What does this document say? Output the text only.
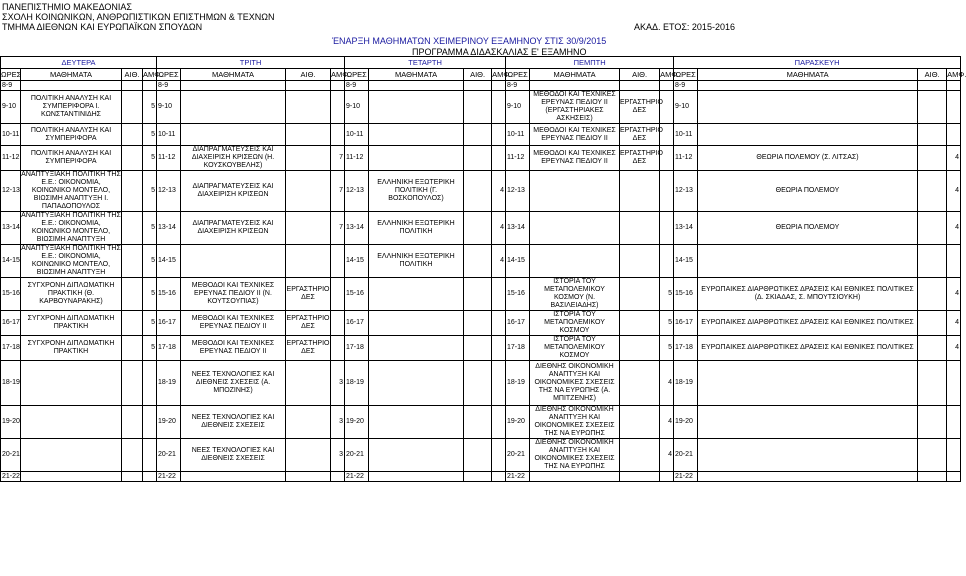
ΠΑΝΕΠΙΣΤΗΜΙΟ ΜΑΚΕΔΟΝΙΑΣ
ΣΧΟΛΗ ΚΟΙΝΩΝΙΚΩΝ, ΑΝΘΡΩΠΙΣΤΙΚΩΝ ΕΠΙΣΤΗΜΩΝ & ΤΕΧΝΩΝ
ΤΜΗΜΑ ΔΙΕΘΝΩΝ ΚΑΙ ΕΥΡΩΠΑΪΚΩΝ ΣΠΟΥΔΩΝ	ΑΚΑΔ. ΕΤΟΣ: 2015-2016
ΈΝΑΡΞΗ ΜΑΘΗΜΑΤΩΝ ΧΕΙΜΕΡΙΝΟΥ ΕΞΑΜΗΝΟΥ ΣΤΙΣ 30/9/2015
ΠΡΟΓΡΑΜΜΑ ΔΙΔΑΣΚΑΛΙΑΣ Ε' ΕΞΑΜΗΝΟ
ΔΕΥΤΕΡΑ				ΤΡΙΤΗ				ΤΕΤΑΡΤΗ				ΠΕΜΠΤΗ				ΠΑΡΑΣΚΕΥΗ			
ΩΡΕΣ	ΜΑΘΗΜΑΤΑ	ΑΙΘ.	ΑΜΦ.	ΩΡΕΣ	ΜΑΘΗΜΑΤΑ	ΑΙΘ.	ΑΜΦ.	ΩΡΕΣ	ΜΑΘΗΜΑΤΑ	ΑΙΘ.	ΑΜΦ.	ΩΡΕΣ	ΜΑΘΗΜΑΤΑ	ΑΙΘ.	ΑΜΦ.	ΩΡΕΣ	ΜΑΘΗΜΑΤΑ	ΑΙΘ.	ΑΜΦ.
8-9				8-9				8-9				8-9				8-9			
9-10	ΠΟΛΙΤΙΚΗ ΑΝΑΛΥΣΗ ΚΑΙ ΣΥΜΠΕΡΙΦΟΡΑ Ι. ΚΩΝΣΤΑΝΤΙΝΙΔΗΣ		5	9-10				9-10				9-10	ΜΕΘΟΔΟΙ ΚΑΙ ΤΕΧΝΙΚΕΣ ΕΡΕΥΝΑΣ ΠΕΔΙΟΥ ΙΙ (ΕΡΓΑΣΤΗΡΙΑΚΕΣ ΑΣΚΗΣΕΙΣ)	ΕΡΓΑΣΤΗΡΙΟ ΔΕΣ		9-10			
10-11	ΠΟΛΙΤΙΚΗ ΑΝΑΛΥΣΗ ΚΑΙ ΣΥΜΠΕΡΙΦΟΡΑ		5	10-11				10-11				10-11	ΜΕΘΟΔΟΙ ΚΑΙ ΤΕΧΝΙΚΕΣ ΕΡΕΥΝΑΣ ΠΕΔΙΟΥ ΙΙ	ΕΡΓΑΣΤΗΡΙΟ ΔΕΣ		10-11			
11-12	ΠΟΛΙΤΙΚΗ ΑΝΑΛΥΣΗ ΚΑΙ ΣΥΜΠΕΡΙΦΟΡΑ		5	11-12	ΔΙΑΠΡΑΓΜΑΤΕΥΣΕΙΣ ΚΑΙ ΔΙΑΧΕΙΡΙΣΗ ΚΡΙΣΕΩΝ (Η. ΚΟΥΣΚΟΥΒΕΛΗΣ)		7	11-12				11-12	ΜΕΘΟΔΟΙ ΚΑΙ ΤΕΧΝΙΚΕΣ ΕΡΕΥΝΑΣ ΠΕΔΙΟΥ ΙΙ	ΕΡΓΑΣΤΗΡΙΟ ΔΕΣ		11-12	ΘΕΩΡΙΑ ΠΟΛΕΜΟΥ (Σ. ΛΙΤΣΑΣ)		4
12-13	ΑΝΑΠΤΥΞΙΑΚΗ ΠΟΛΙΤΙΚΗ ΤΗΣ Ε.Ε.: ΟΙΚΟΝΟΜΙΑ, ΚΟΙΝΩΝΙΚΟ ΜΟΝΤΕΛΟ, ΒΙΩΣΙΜΗ ΑΝΑΠΤΥΞΗ Ι. ΠΑΠΑΔΟΠΟΥΛΟΣ		5	12-13	ΔΙΑΠΡΑΓΜΑΤΕΥΣΕΙΣ ΚΑΙ ΔΙΑΧΕΙΡΙΣΗ ΚΡΙΣΕΩΝ		7	12-13	ΕΛΛΗΝΙΚΗ ΕΞΩΤΕΡΙΚΗ ΠΟΛΙΤΙΚΗ (Γ. ΒΟΣΚΟΠΟΥΛΟΣ)		4	12-13				12-13	ΘΕΩΡΙΑ ΠΟΛΕΜΟΥ		4
13-14	ΑΝΑΠΤΥΞΙΑΚΗ ΠΟΛΙΤΙΚΗ ΤΗΣ Ε.Ε.: ΟΙΚΟΝΟΜΙΑ, ΚΟΙΝΩΝΙΚΟ ΜΟΝΤΕΛΟ, ΒΙΩΣΙΜΗ ΑΝΑΠΤΥΞΗ		5	13-14	ΔΙΑΠΡΑΓΜΑΤΕΥΣΕΙΣ ΚΑΙ ΔΙΑΧΕΙΡΙΣΗ ΚΡΙΣΕΩΝ		7	13-14	ΕΛΛΗΝΙΚΗ ΕΞΩΤΕΡΙΚΗ ΠΟΛΙΤΙΚΗ		4	13-14				13-14	ΘΕΩΡΙΑ ΠΟΛΕΜΟΥ		4
14-15	ΑΝΑΠΤΥΞΙΑΚΗ ΠΟΛΙΤΙΚΗ ΤΗΣ Ε.Ε.: ΟΙΚΟΝΟΜΙΑ, ΚΟΙΝΩΝΙΚΟ ΜΟΝΤΕΛΟ, ΒΙΩΣΙΜΗ ΑΝΑΠΤΥΞΗ		5	14-15				14-15	ΕΛΛΗΝΙΚΗ ΕΞΩΤΕΡΙΚΗ ΠΟΛΙΤΙΚΗ		4	14-15				14-15			
15-16	ΣΥΓΧΡΟΝΗ ΔΙΠΛΩΜΑΤΙΚΗ ΠΡΑΚΤΙΚΗ (Θ. ΚΑΡΒΟΥΝΑΡΑΚΗΣ)		5	15-16	ΜΕΘΟΔΟΙ ΚΑΙ ΤΕΧΝΙΚΕΣ ΕΡΕΥΝΑΣ ΠΕΔΙΟΥ ΙΙ (Ν. ΚΟΥΤΣΟΥΠΙΑΣ)	ΕΡΓΑΣΤΗΡΙΟ ΔΕΣ		15-16				15-16	ΙΣΤΟΡΙΑ ΤΟΥ ΜΕΤΑΠΟΛΕΜΙΚΟΥ ΚΟΣΜΟΥ (Ν. ΒΑΣΙΛΕΙΑΔΗΣ)		5	15-16	ΕΥΡΩΠΑΙΚΕΣ ΔΙΑΡΘΡΩΤΙΚΕΣ ΔΡΑΣΕΙΣ ΚΑΙ ΕΘΝΙΚΕΣ ΠΟΛΙΤΙΚΕΣ (Δ. ΣΚΙΑΔΑΣ, Σ. ΜΠΟΥΤΣΙΟΥΚΗ)		4
16-17	ΣΥΓΧΡΟΝΗ ΔΙΠΛΩΜΑΤΙΚΗ ΠΡΑΚΤΙΚΗ		5	16-17	ΜΕΘΟΔΟΙ ΚΑΙ ΤΕΧΝΙΚΕΣ ΕΡΕΥΝΑΣ ΠΕΔΙΟΥ ΙΙ	ΕΡΓΑΣΤΗΡΙΟ ΔΕΣ		16-17				16-17	ΙΣΤΟΡΙΑ ΤΟΥ ΜΕΤΑΠΟΛΕΜΙΚΟΥ ΚΟΣΜΟΥ		5	16-17	ΕΥΡΩΠΑΙΚΕΣ ΔΙΑΡΘΡΩΤΙΚΕΣ ΔΡΑΣΕΙΣ ΚΑΙ ΕΘΝΙΚΕΣ ΠΟΛΙΤΙΚΕΣ		4
17-18	ΣΥΓΧΡΟΝΗ ΔΙΠΛΩΜΑΤΙΚΗ ΠΡΑΚΤΙΚΗ		5	17-18	ΜΕΘΟΔΟΙ ΚΑΙ ΤΕΧΝΙΚΕΣ ΕΡΕΥΝΑΣ ΠΕΔΙΟΥ ΙΙ	ΕΡΓΑΣΤΗΡΙΟ ΔΕΣ		17-18				17-18	ΙΣΤΟΡΙΑ ΤΟΥ ΜΕΤΑΠΟΛΕΜΙΚΟΥ ΚΟΣΜΟΥ		5	17-18	ΕΥΡΩΠΑΙΚΕΣ ΔΙΑΡΘΡΩΤΙΚΕΣ ΔΡΑΣΕΙΣ ΚΑΙ ΕΘΝΙΚΕΣ ΠΟΛΙΤΙΚΕΣ		4
18-19				18-19	ΝΕΕΣ ΤΕΧΝΟΛΟΓΙΕΣ ΚΑΙ ΔΙΕΘΝΕΙΣ ΣΧΕΣΕΙΣ (Α. ΜΠΟΖΙΝΗΣ)		3	18-19				18-19	ΔΙΕΘΝΗΣ ΟΙΚΟΝΟΜΙΚΗ ΑΝΑΠΤΥΞΗ ΚΑΙ ΟΙΚΟΝΟΜΙΚΕΣ ΣΧΕΣΕΙΣ ΤΗΣ ΝΑ ΕΥΡΩΠΗΣ (Α. ΜΠΙΤΖΕΝΗΣ)		4	18-19			
19-20				19-20	ΝΕΕΣ ΤΕΧΝΟΛΟΓΙΕΣ ΚΑΙ ΔΙΕΘΝΕΙΣ ΣΧΕΣΕΙΣ		3	19-20				19-20	ΔΙΕΘΝΗΣ ΟΙΚΟΝΟΜΙΚΗ ΑΝΑΠΤΥΞΗ ΚΑΙ ΟΙΚΟΝΟΜΙΚΕΣ ΣΧΕΣΕΙΣ ΤΗΣ ΝΑ ΕΥΡΩΠΗΣ		4	19-20			
20-21				20-21	ΝΕΕΣ ΤΕΧΝΟΛΟΓΙΕΣ ΚΑΙ ΔΙΕΘΝΕΙΣ ΣΧΕΣΕΙΣ		3	20-21				20-21	ΔΙΕΘΝΗΣ ΟΙΚΟΝΟΜΙΚΗ ΑΝΑΠΤΥΞΗ ΚΑΙ ΟΙΚΟΝΟΜΙΚΕΣ ΣΧΕΣΕΙΣ ΤΗΣ ΝΑ ΕΥΡΩΠΗΣ		4	20-21			
21-22				21-22				21-22				21-22				21-22			
